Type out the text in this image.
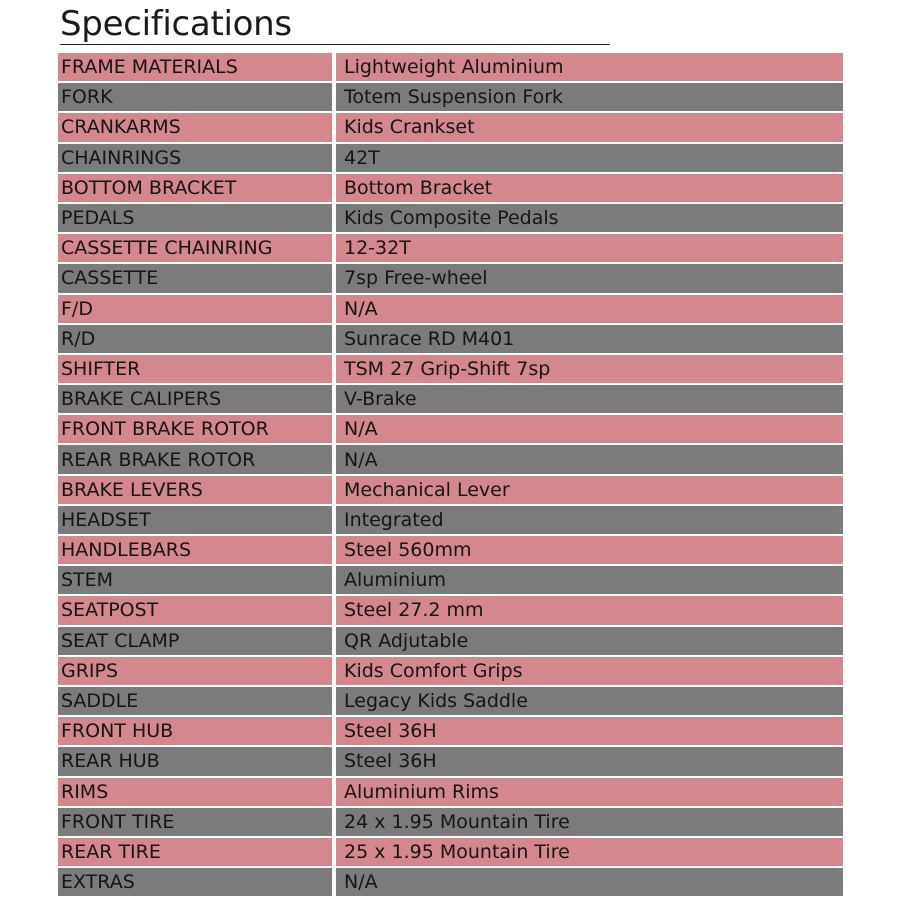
Specifications
FRAME MATERIALS	Lightweight Aluminium
FORK	Totem Suspension Fork
CRANKARMS	Kids Crankset
CHAINRINGS	42T
BOTTOM BRACKET	Bottom Bracket
PEDALS	Kids Composite Pedals
CASSETTE CHAINRING	12-32T
CASSETTE	7sp Free-wheel
F/D	N/A
R/D	Sunrace RD M401
SHIFTER	TSM 27 Grip-Shift 7sp
BRAKE CALIPERS	V-Brake
FRONT BRAKE ROTOR	N/A
REAR BRAKE ROTOR	N/A
BRAKE LEVERS	Mechanical Lever
HEADSET	Integrated
HANDLEBARS	Steel 560mm
STEM	Aluminium
SEATPOST	Steel 27.2 mm
SEAT CLAMP	QR Adjutable
GRIPS	Kids Comfort Grips
SADDLE	Legacy Kids Saddle
FRONT HUB	Steel 36H
REAR HUB	Steel 36H
RIMS	Aluminium Rims
FRONT TIRE	24 x 1.95 Mountain Tire
REAR TIRE	25 x 1.95 Mountain Tire
EXTRAS	N/A
